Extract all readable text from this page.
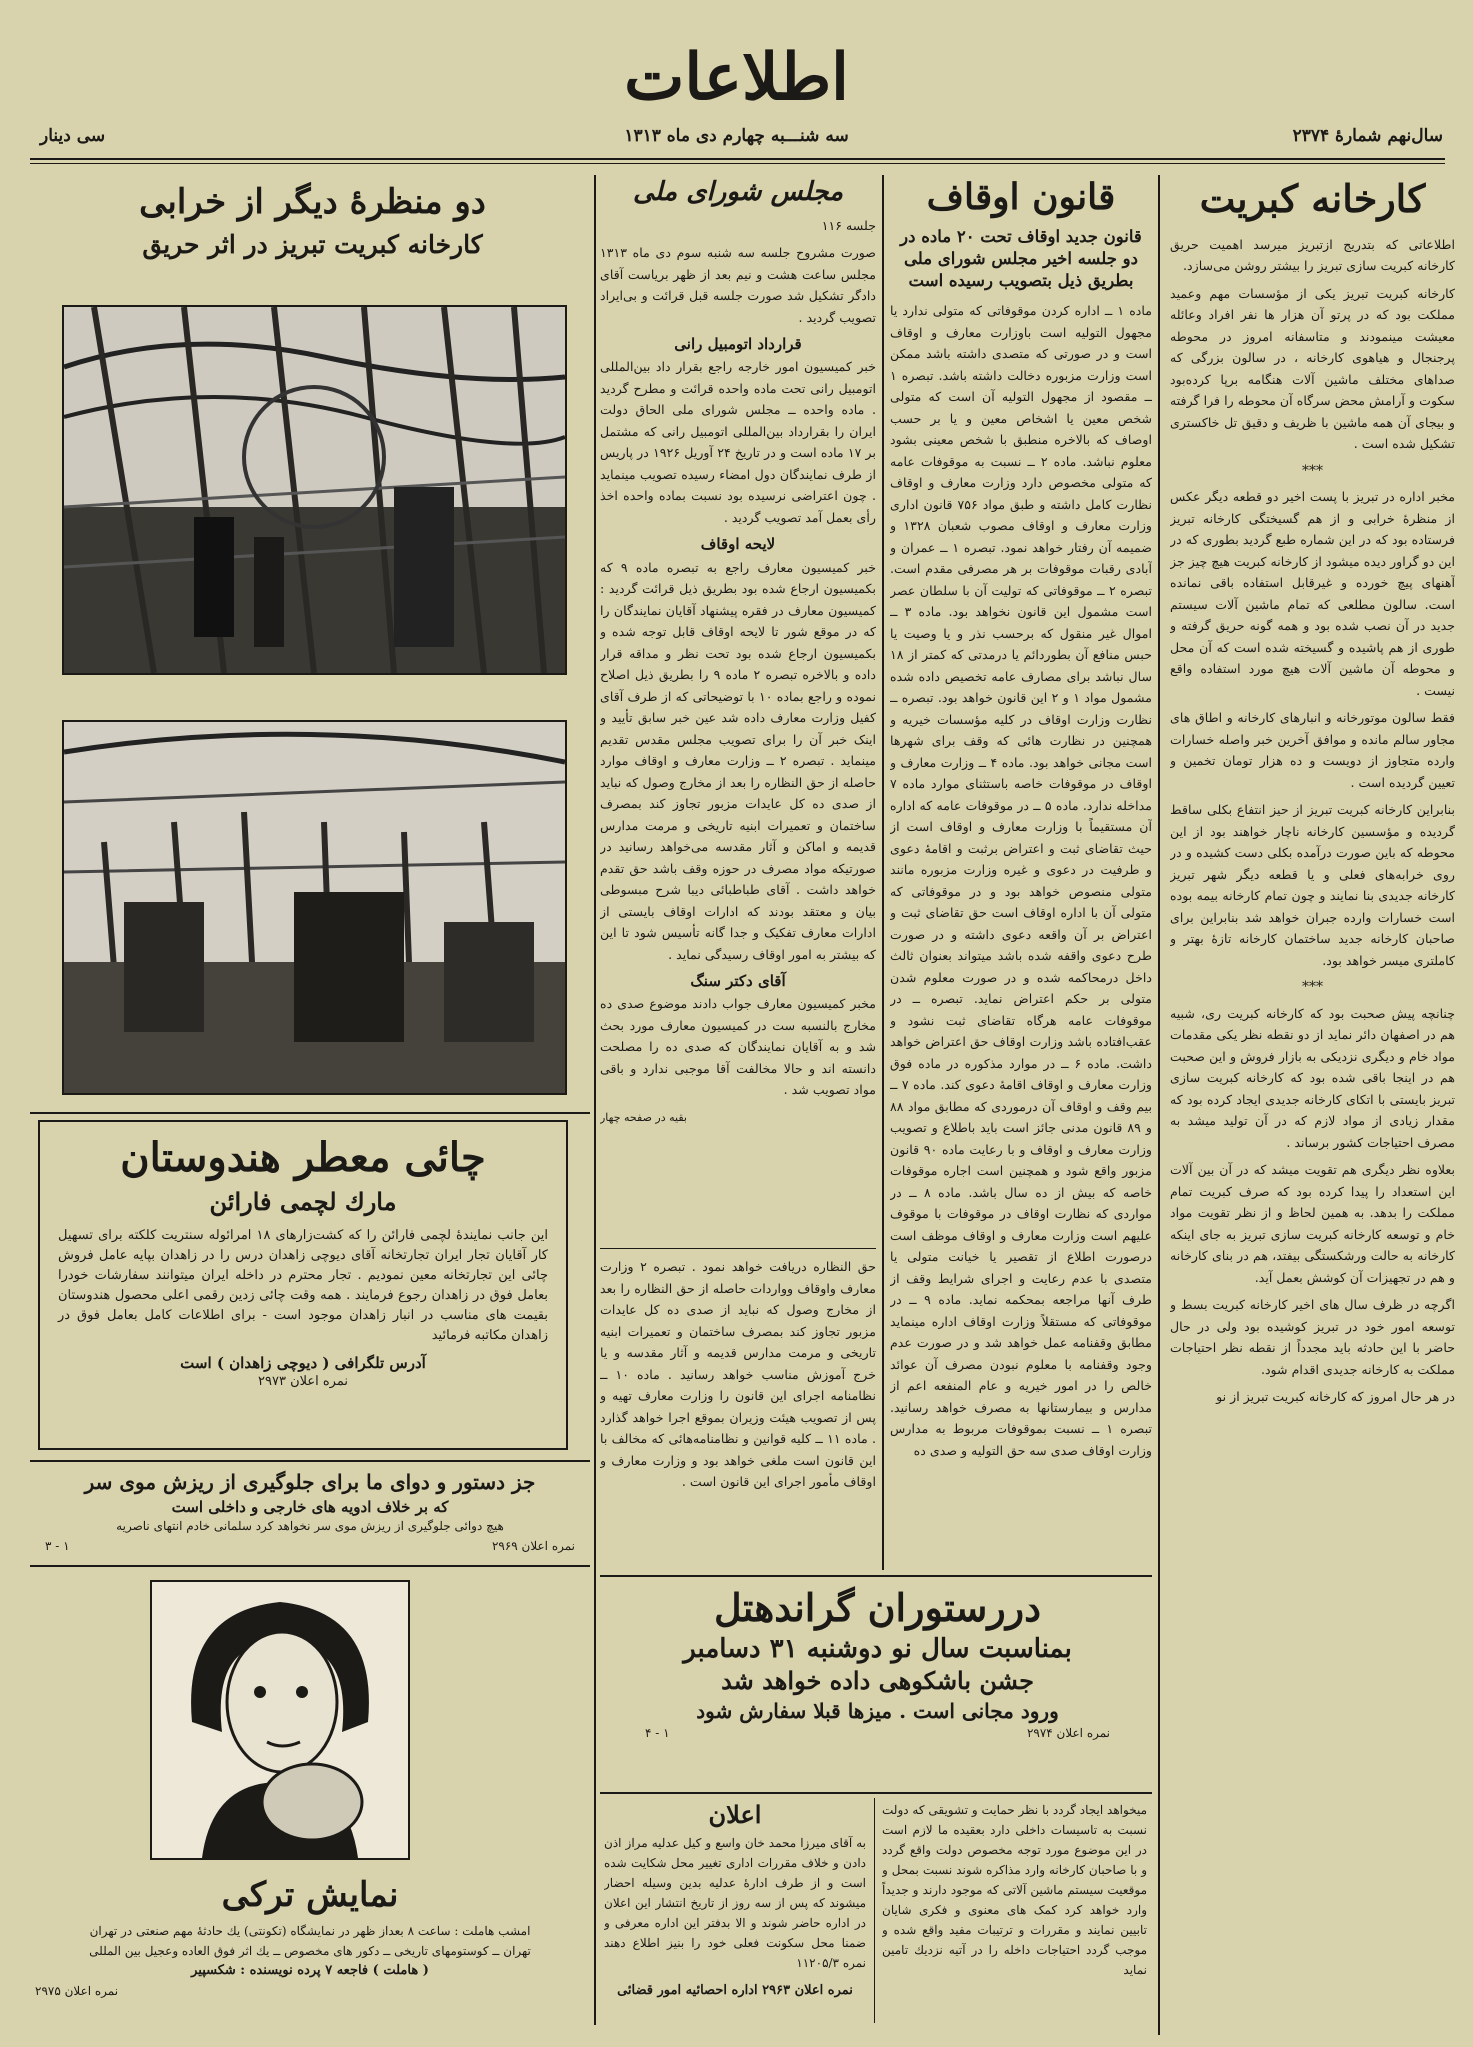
اطلاعات
سال‌نهم شمارهٔ ۲۳۷۴
سه شنـــبه چهارم دی ماه ۱۳۱۳
سی دینار
کارخانه کبریت

اطلاعاتی که بتدریج ازتبریز میرسد اهمیت حریق کارخانه کبریت سازی تبریز را بیشتر روشن می‌سازد.

کارخانه کبریت تبریز یکی از مؤسسات مهم وعمید مملکت بود که در پرتو آن هزار ها نفر افراد وعائله معیشت مینمودند و متاسفانه امروز در محوطه پرجنجال و هیاهوی کارخانه ، در سالون بزرگی که صداهای مختلف ماشین آلات هنگامه برپا کرده‌بود سکوت و آرامش محض سرگاه آن محوطه را فرا گرفته و بیجای آن همه ماشین با ظریف و دقیق تل خاکستری تشکیل شده است .

***

مخبر اداره در تبریز با پست اخیر دو قطعه دیگر عکس از منظرهٔ خرابی و از هم گسیختگی کارخانه تبریز فرستاده بود که در این شماره طبع گردید بطوری که در این دو گراور دیده میشود از کارخانه کبریت هیچ چیز جز آهنهای پیچ خورده و غیرقابل استفاده باقی نمانده است. سالون مطلعی که تمام ماشین آلات سیستم جدید در آن نصب شده بود و همه گونه حریق گرفته و طوری از هم پاشیده و گسیخته شده است که آن محل و محوطه آن ماشین آلات هیچ مورد استفاده واقع نیست .

فقط سالون موتورخانه و انبارهای کارخانه و اطاق های مجاور سالم مانده و موافق آخرین خبر واصله خسارات وارده متجاوز از دویست و ده هزار تومان تخمین و تعیین گردیده است .

بنابراین کارخانه کبریت تبریز از حیز انتفاع بکلی ساقط گردیده و مؤسسین کارخانه ناچار خواهند بود از این محوطه که باین صورت درآمده بکلی دست کشیده و در روی خرابه‌های فعلی و یا قطعه دیگر شهر تبریز کارخانه جدیدی بنا نمایند و چون تمام کارخانه بیمه بوده است خسارات وارده جبران خواهد شد بنابراین برای صاحبان کارخانه جدید ساختمان کارخانه تازهٔ بهتر و کاملتری میسر خواهد بود.

***

چنانچه پیش صحبت بود که کارخانه کبریت ری، شبیه هم در اصفهان دائر نماید از دو نقطه نظر یکی مقدمات مواد خام و دیگری نزدیکی به بازار فروش و این صحبت هم در اینجا باقی شده بود که کارخانه کبریت سازی تبریز بایستی با اتکای کارخانه جدیدی ایجاد کرده بود که مقدار زیادی از مواد لازم که در آن تولید میشد به مصرف احتیاجات کشور برساند .

بعلاوه نظر دیگری هم تقویت میشد که در آن بین آلات این استعداد را پیدا کرده بود که صرف کبریت تمام مملکت را بدهد. به همین لحاظ و از نظر تقویت مواد خام و توسعه کارخانه کبریت سازی تبریز به جای اینکه کارخانه به حالت ورشکستگی بیفتد، هم در بنای کارخانه و هم در تجهیزات آن کوشش بعمل آید.

اگرچه در ظرف سال های اخیر کارخانه کبریت بسط و توسعه امور خود در تبریز کوشیده بود ولی در حال حاضر با این حادثه باید مجدداً از نقطه نظر احتیاجات مملکت به کارخانه جدیدی اقدام شود.

در هر حال امروز که کارخانه کبریت تبریز از نو

قانون اوقاف
قانون جدید اوقاف تحت ۲۰ ماده در دو جلسه اخیر مجلس شورای ملی بطریق ذیل بتصویب رسیده است
ماده ۱ ــ اداره کردن موقوفاتی که متولی ندارد یا مجهول التولیه است باوزارت معارف و اوقاف است و در صورتی که متصدی داشته باشد ممکن است وزارت مزبوره دخالت داشته باشد. تبصره ۱ ــ مقصود از مجهول التولیه آن است که متولی شخص معین یا اشخاص معین و یا بر حسب اوصاف که بالاخره منطبق با شخص معینی بشود معلوم نباشد. ماده ۲ ــ نسبت به موقوفات عامه که متولی مخصوص دارد وزارت معارف و اوقاف نظارت کامل داشته و طبق مواد ۷۵۶ قانون اداری وزارت معارف و اوقاف مصوب شعبان ۱۳۲۸ و ضمیمه آن رفتار خواهد نمود. تبصره ۱ ــ عمران و آبادی رقبات موقوفات بر هر مصرفی مقدم است. تبصره ۲ ــ موقوفاتی که تولیت آن با سلطان عصر است مشمول این قانون نخواهد بود. ماده ۳ ــ اموال غیر منقول که برحسب نذر و یا وصیت یا حبس منافع آن بطوردائم یا درمدتی که کمتر از ۱۸ سال نباشد برای مصارف عامه تخصیص داده شده مشمول مواد ۱ و ۲ این قانون خواهد بود. تبصره ــ نظارت وزارت اوقاف در کلیه مؤسسات خیریه و همچنین در نظارت هائی که وقف برای شهرها است مجانی خواهد بود. ماده ۴ ــ وزارت معارف و اوقاف در موقوفات خاصه باستثنای موارد ماده ۷ مداخله ندارد. ماده ۵ ــ در موقوفات عامه که اداره آن مستقیماً با وزارت معارف و اوقاف است از حیث تقاضای ثبت و اعتراض برثبت و اقامهٔ دعوی و طرفیت در دعوی و غیره وزارت مزبوره مانند متولی منصوص خواهد بود و در موقوفاتی که متولی آن با اداره اوقاف است حق تقاضای ثبت و اعتراض بر آن واقعه دعوی داشته و در صورت طرح دعوی واقفه شده باشد میتواند بعنوان ثالث داخل درمحاکمه شده و در صورت معلوم شدن متولی بر حکم اعتراض نماید. تبصره ــ در موقوفات عامه هرگاه تقاضای ثبت نشود و عقب‌افتاده باشد وزارت اوقاف حق اعتراض خواهد داشت. ماده ۶ ــ در موارد مذکوره در ماده فوق وزارت معارف و اوقاف اقامهٔ دعوی کند. ماده ۷ ــ بیم وقف و اوقاف آن درموردی که مطابق مواد ۸۸ و ۸۹ قانون مدنی جائز است باید باطلاع و تصویب وزارت معارف و اوقاف و با رعایت ماده ۹۰ قانون مزبور واقع شود و همچنین است اجاره موقوفات خاصه که بیش از ده سال باشد. ماده ۸ ــ در مواردی که نظارت اوقاف در موقوفات با موقوف علیهم است وزارت معارف و اوقاف موظف است درصورت اطلاع از تقصیر یا خیانت متولی یا متصدی با عدم رعایت و اجرای شرایط وقف از طرف آنها مراجعه بمحکمه نماید. ماده ۹ ــ در موقوفاتی که مستقلاً وزارت اوقاف اداره مینماید مطابق وقفنامه عمل خواهد شد و در صورت عدم وجود وقفنامه با معلوم نبودن مصرف آن عوائد خالص را در امور خیریه و عام المنفعه اعم از مدارس و بیمارستانها به مصرف خواهد رسانید. تبصره ۱ ــ نسبت بموقوفات مربوط به مدارس وزارت اوقاف صدی سه حق التولیه و صدی ده
مجلس شورای ملی

جلسه ۱۱۶

صورت مشروح جلسه سه شنبه سوم دی ماه ۱۳۱۳ مجلس ساعت هشت و نیم بعد از ظهر بریاست آقای دادگر تشکیل شد صورت جلسه قبل قرائت و بی‌ایراد تصویب گردید .

قرارداد اتومبیل رانی

خبر کمیسیون امور خارجه راجع بقرار داد بین‌المللی اتومبیل رانی تحت ماده واحده قرائت و مطرح گردید . ماده واحده ــ مجلس شورای ملی الحاق دولت ایران را بقرارداد بین‌المللی اتومبیل رانی که مشتمل بر ۱۷ ماده است و در تاریخ ۲۴ آوریل ۱۹۲۶ در پاریس از طرف نمایندگان دول امضاء رسیده تصویب مینماید . چون اعتراضی نرسیده بود نسبت بماده واحده اخذ رأی بعمل آمد تصویب گردید .

لایحه اوقاف

خبر کمیسیون معارف راجع به تبصره ماده ۹ که بکمیسیون ارجاع شده بود بطریق ذیل قرائت گردید : کمیسیون معارف در فقره پیشنهاد آقایان نمایندگان را که در موقع شور تا لایحه اوقاف قابل توجه شده و بکمیسیون ارجاع شده بود تحت نظر و مداقه قرار داده و بالاخره تبصره ۲ ماده ۹ را بطریق ذیل اصلاح نموده و راجع بماده ۱۰ با توضیحاتی که از طرف آقای کفیل وزارت معارف داده شد عین خبر سابق تأیید و اینک خبر آن را برای تصویب مجلس مقدس تقدیم مینماید . تبصره ۲ ــ وزارت معارف و اوقاف موارد حاصله از حق النظاره را بعد از مخارج وصول که نباید از صدی ده کل عایدات مزبور تجاوز کند بمصرف ساختمان و تعمیرات ابنیه تاریخی و مرمت مدارس قدیمه و اماکن و آثار مقدسه می‌خواهد رسانید در صورتیکه مواد مصرف در حوزه وقف باشد حق تقدم خواهد داشت . آقای طباطبائی دیبا شرح مبسوطی بیان و معتقد بودند که ادارات اوقاف بایستی از ادارات معارف تفکیک و جدا گانه تأسیس شود تا این که بیشتر به امور اوقاف رسیدگی نماید .

آقای دکتر سنگ

مخبر کمیسیون معارف جواب دادند موضوع صدی ده مخارج بالنسبه ست در کمیسیون معارف مورد بحث شد و به آقایان نمایندگان که صدی ده را مصلحت دانسته اند و حالا مخالفت آقا موجبی ندارد و باقی مواد تصویب شد .

بقیه در صفحه چهار

حق النظاره دریافت خواهد نمود . تبصره ۲ وزارت معارف واوقاف وواردات حاصله از حق النظاره را بعد از مخارج وصول که نباید از صدی ده کل عایدات مزبور تجاوز کند بمصرف ساختمان و تعمیرات ابنیه تاریخی و مرمت مدارس قدیمه و آثار مقدسه و یا خرج آموزش مناسب خواهد رسانید . ماده ۱۰ ــ نظامنامه اجرای این قانون را وزارت معارف تهیه و پس از تصویب هیئت وزیران بموقع اجرا خواهد گذارد . ماده ۱۱ ــ کلیه قوانین و نظامنامه‌هائی که مخالف با این قانون است ملغی خواهد بود و وزارت معارف و اوقاف مأمور اجرای این قانون است .
دو منظرهٔ دیگر از خرابی
کارخانه کبریت تبریز در اثر حریق
چائی معطر هندوستان
مارك لچمی فارائن
این جانب نمایندهٔ لچمی فارائن را که کشت‌زارهای ۱۸ امرائوله سنتریت کلکته برای تسهیل کار آقایان تجار ایران تجارتخانه آقای دیوچی زاهدان درس را در زاهدان بپایه عامل فروش چائی این تجارتخانه معین نمودیم . تجار محترم در داخله ایران میتوانند سفارشات خودرا بعامل فوق در زاهدان رجوع فرمایند . همه وقت چائی زدین رقمی اعلی محصول هندوستان بقیمت های مناسب در انبار زاهدان موجود است - برای اطلاعات کامل بعامل فوق در زاهدان مکاتبه فرمائید
آدرس تلگرافی ( دیوچی زاهدان ) است
نمره اعلان ۲۹۷۳
جز دستور و دوای ما برای جلوگیری از ریزش موی سر
که بر خلاف ادویه های خارجی و داخلی است
هیچ دوائی جلوگیری از ریزش موی سر نخواهد کرد سلمانی خادم انتهای ناصریه
نمره اعلان ۲۹۶۹
۱ - ۳
نمایش ترکی
امشب هاملت : ساعت ۸ بعداز ظهر در نمایشگاه (تکونتی) یك حادثهٔ مهم صنعتی در تهران
تهران ــ کوستومهای تاریخی ــ دکور های مخصوص ــ یك اثر فوق العاده وعجیل بین المللی
( هاملت ) فاجعه ۷ پرده نویسنده : شکسپیر
نمره اعلان ۲۹۷۵
دررستوران گراندهتل
بمناسبت سال نو دوشنبه ۳۱ دسامبر
جشن باشکوهی داده خواهد شد
ورود مجانی است . میزها قبلا سفارش شود
نمره اعلان ۲۹۷۴
۱ - ۴
میخواهد ایجاد گردد با نظر حمایت و تشویقی که دولت نسبت به تاسیسات داخلی دارد بعقیده ما لازم است در این موضوع مورد توجه مخصوص دولت واقع گردد و با صاحبان کارخانه وارد مذاکره شوند نسبت بمحل و موقعیت سیستم ماشین آلاتی که موجود دارند و جدیداً وارد خواهد کرد کمک های معنوی و فکری شایان تابیین نمایند و مقررات و ترتیبات مفید واقع شده و موجب گردد احتیاجات داخله را در آتیه نزدیك تامین نماید
اعلان
به آقای میرزا محمد خان واسع و کیل عدلیه مراز اذن دادن و خلاف مقررات اداری تغییر محل شکایت شده است و از طرف ادارهٔ عدلیه بدین وسیله احضار میشوند که پس از سه روز از تاریخ انتشار این اعلان در اداره حاضر شوند و الا بدفتر این اداره معرفی و ضمنا محل سکونت فعلی خود را بنیز اطلاع دهند نمره ۱۱۲۰۵/۳
نمره اعلان ۲۹۶۳ اداره احصائیه امور قضائی
